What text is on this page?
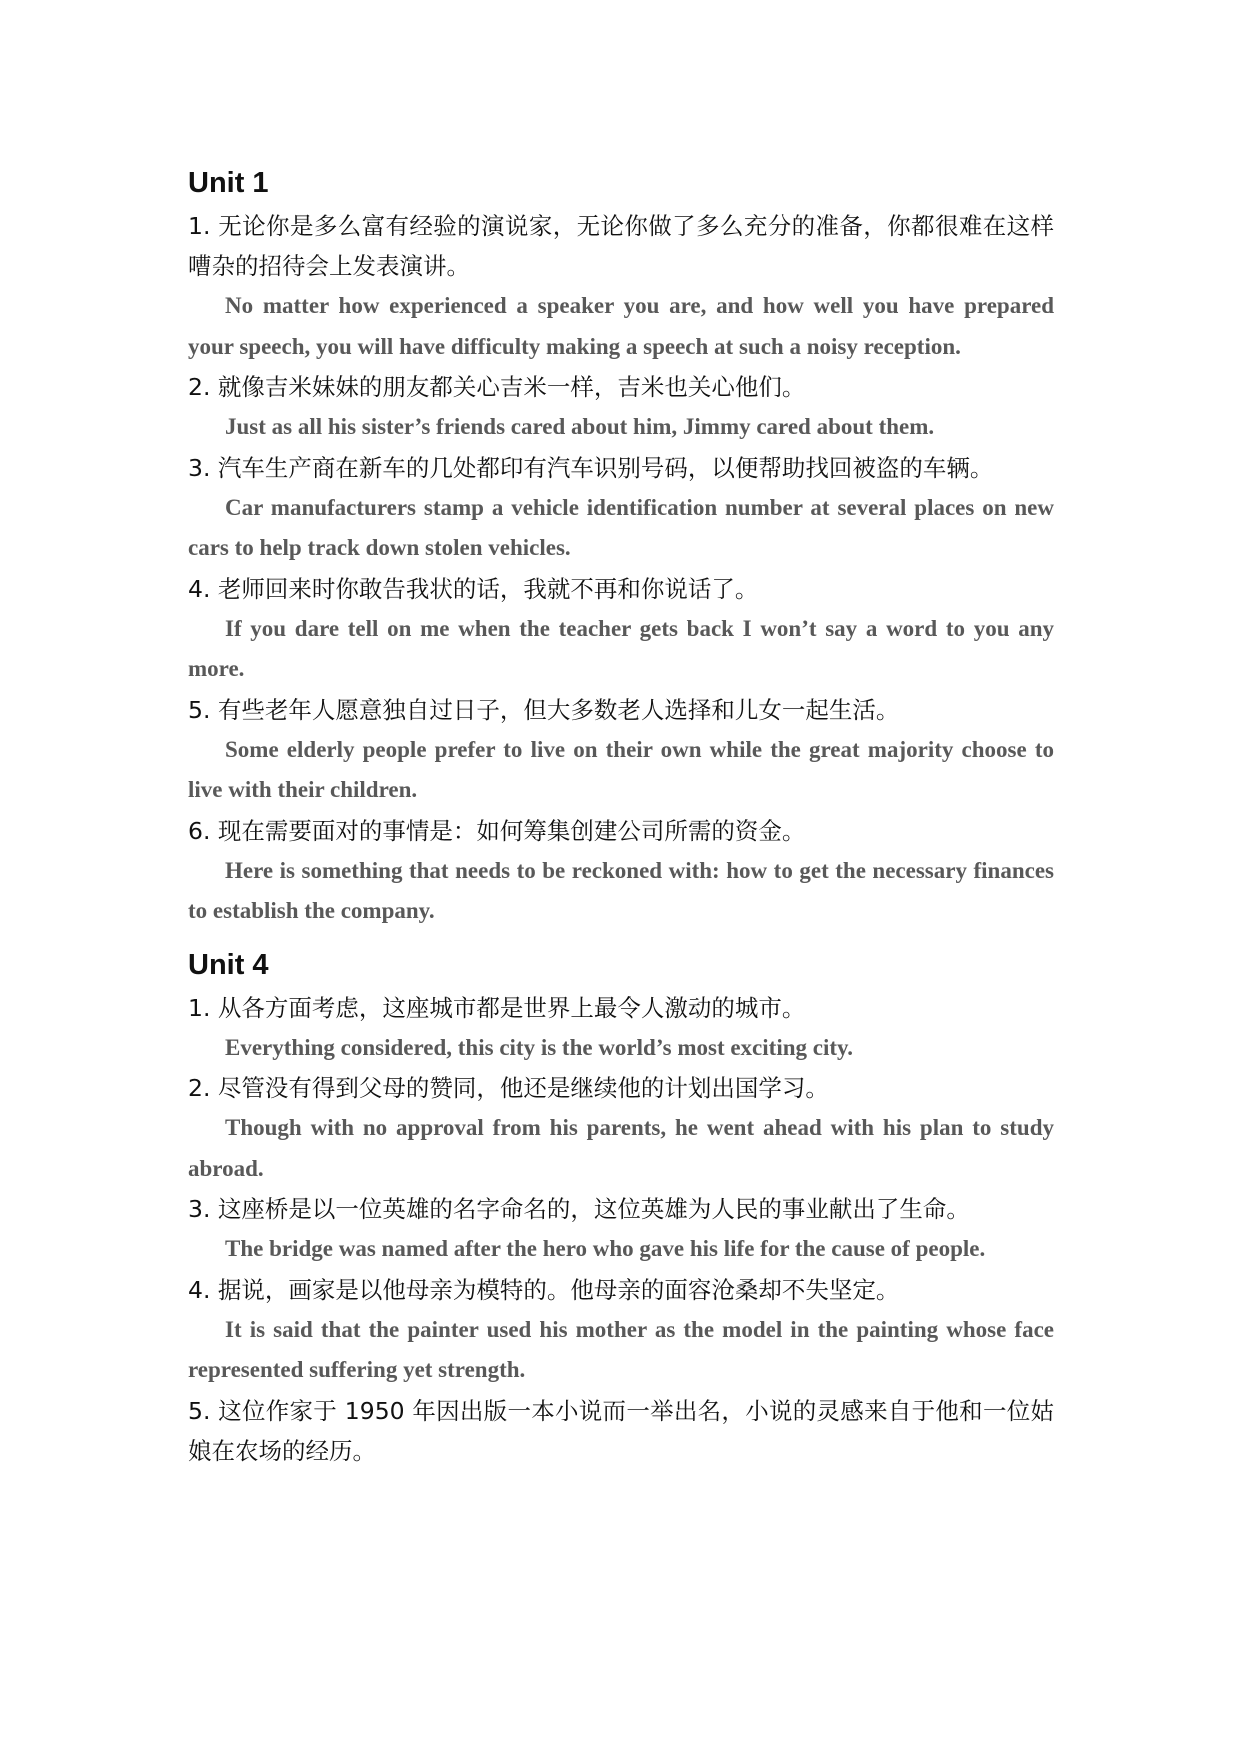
Unit 1

1. 无论你是多么富有经验的演说家，无论你做了多么充分的准备，你都很难在这样嘈杂的招待会上发表演讲。

No matter how experienced a speaker you are, and how well you have prepared your speech, you will have difficulty making a speech at such a noisy reception.

2. 就像吉米妹妹的朋友都关心吉米一样，吉米也关心他们。

Just as all his sister’s friends cared about him, Jimmy cared about them.

3. 汽车生产商在新车的几处都印有汽车识别号码，以便帮助找回被盗的车辆。

Car manufacturers stamp a vehicle identification number at several places on new cars to help track down stolen vehicles.

4. 老师回来时你敢告我状的话，我就不再和你说话了。

If you dare tell on me when the teacher gets back I won’t say a word to you any more.

5. 有些老年人愿意独自过日子，但大多数老人选择和儿女一起生活。

Some elderly people prefer to live on their own while the great majority choose to live with their children.

6. 现在需要面对的事情是：如何筹集创建公司所需的资金。

Here is something that needs to be reckoned with: how to get the necessary finances to establish the company.

Unit 4

1. 从各方面考虑，这座城市都是世界上最令人激动的城市。

Everything considered, this city is the world’s most exciting city.

2. 尽管没有得到父母的赞同，他还是继续他的计划出国学习。

Though with no approval from his parents, he went ahead with his plan to study abroad.

3. 这座桥是以一位英雄的名字命名的，这位英雄为人民的事业献出了生命。

The bridge was named after the hero who gave his life for the cause of people.

4. 据说，画家是以他母亲为模特的。他母亲的面容沧桑却不失坚定。

It is said that the painter used his mother as the model in the painting whose face represented suffering yet strength.

5. 这位作家于 1950 年因出版一本小说而一举出名，小说的灵感来自于他和一位姑娘在农场的经历。
